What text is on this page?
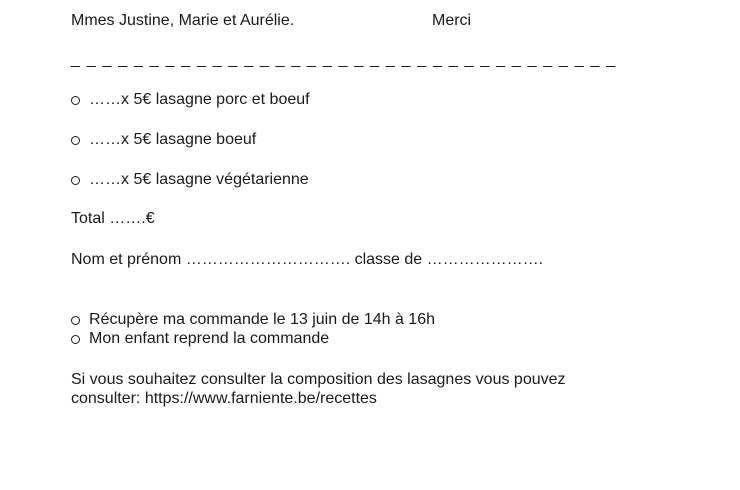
Mmes Justine, Marie et Aurélie.	Merci
_ _ _ _ _ _ _ _ _ _ _ _ _ _ _ _ _ _ _ _ _ _ _ _ _ _ _ _ _ _ _ _ _ _ _
……x 5€ lasagne porc et boeuf
……x 5€ lasagne boeuf
……x 5€ lasagne végétarienne
Total …….€
Nom et prénom …………………………. classe de ………………….
Récupère ma commande le 13 juin de 14h à 16h
Mon enfant reprend la commande
Si vous souhaitez consulter la composition des lasagnes vous pouvez
consulter: https://www.farniente.be/recettes
